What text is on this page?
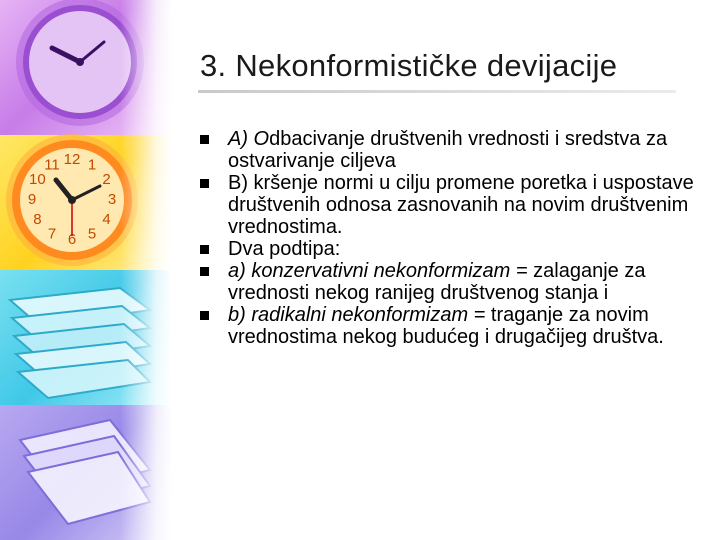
12 1
2
3
4
5
6
7
8
9
10
11
3. Nekonformističke devijacije
A) Odbacivanje društvenih vrednosti i sredstva za ostvarivanje ciljeva
B) kršenje normi u cilju promene poretka i uspostave društvenih odnosa zasnovanih na novim društvenim vrednostima.
Dva podtipa:
a) konzervativni nekonformizam = zalaganje za vrednosti nekog ranijeg društvenog stanja i
b) radikalni nekonformizam = traganje za novim vrednostima nekog budućeg i drugačijeg društva.
